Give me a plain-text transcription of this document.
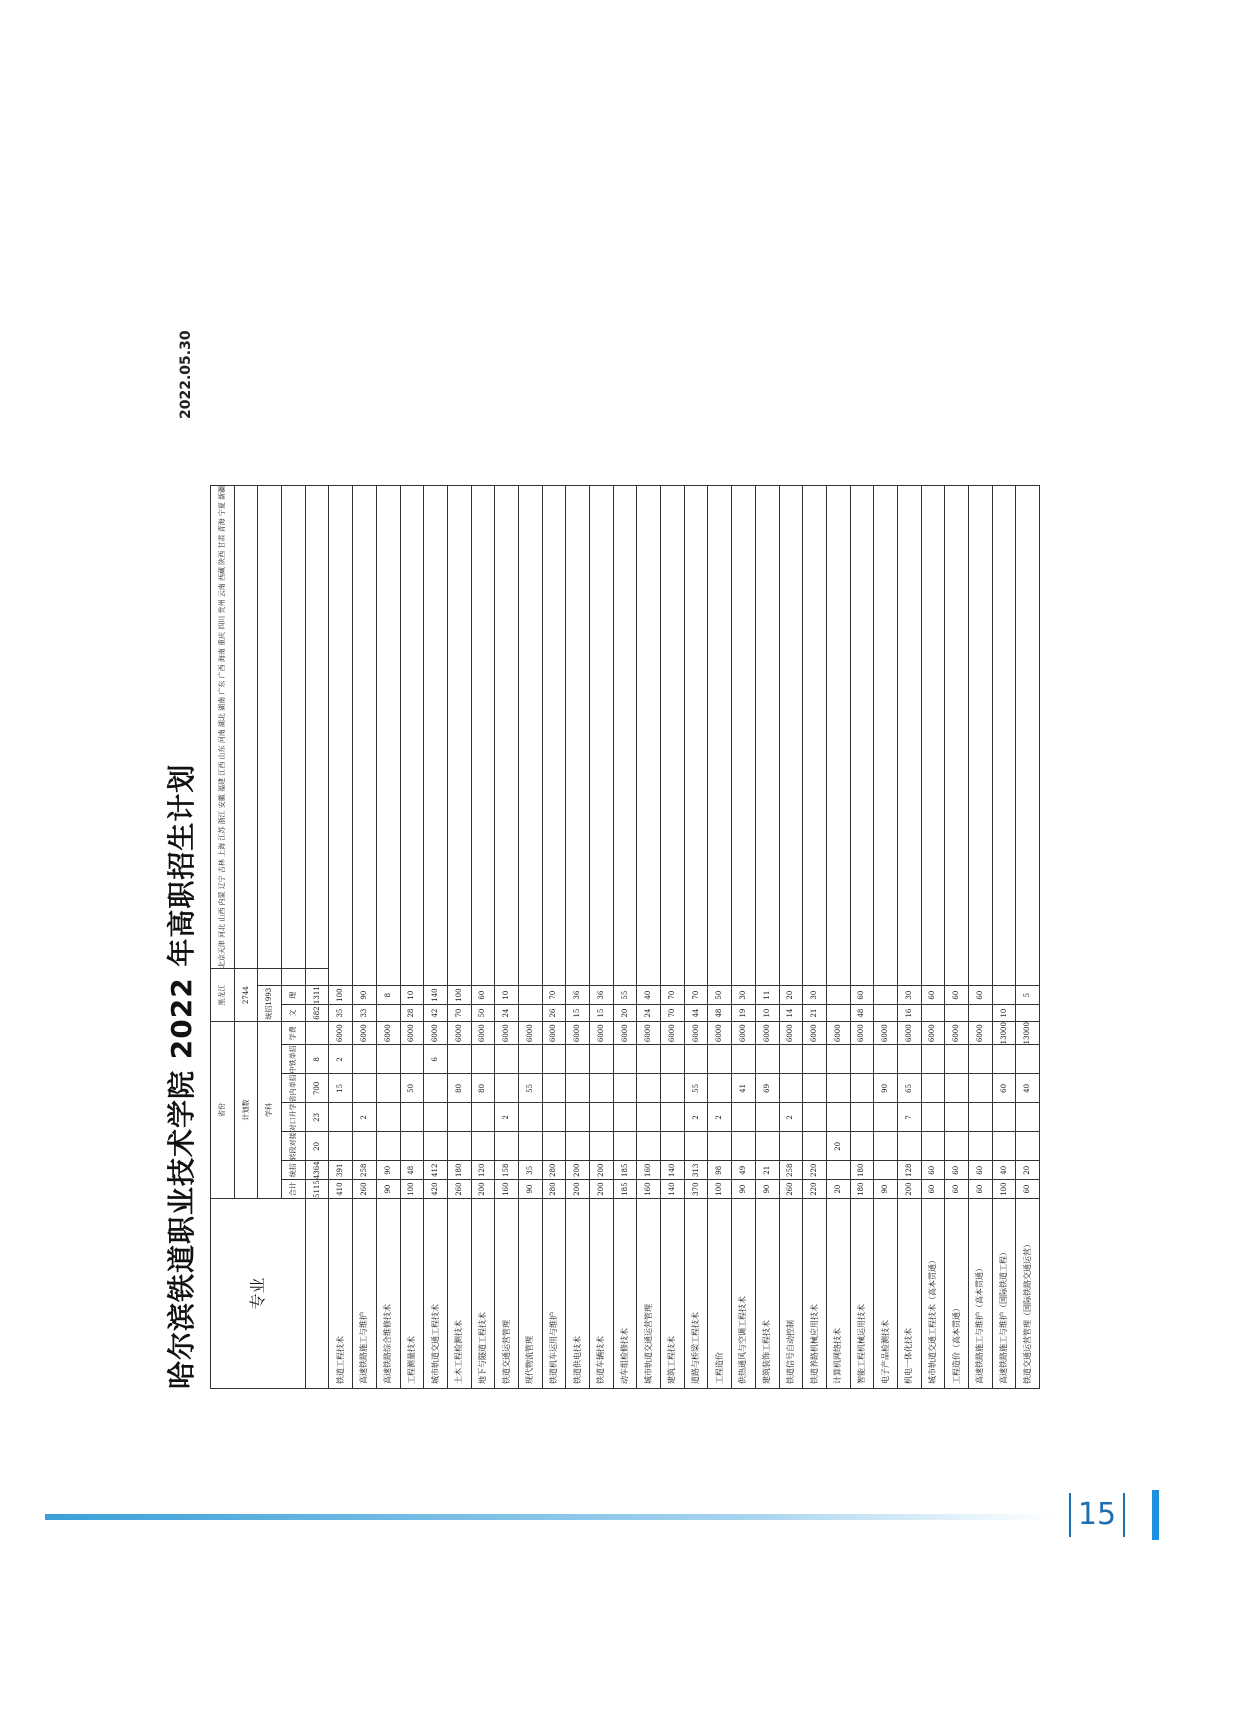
哈尔滨铁道职业技术学院 2022 年高职招生计划
2022.05.30
专业	省份							黑龙江			北京天津 河北 山西 内蒙 辽宁 吉林 上海 江苏 浙江 安徽 福建 江西 山东 河南 湖北 湖南 广东 广西 海南 重庆 四川 贵州 云南 西藏 陕西 甘肃 青海 宁夏 新疆
	计划数							2744			
	学科							统招1993			
	合计	统招	转段对接	对口升学	省内单招	中铁单招	学费	文	理		
	5115	4364	20	23	700	8		682	1311		
铁道工程技术	410	391			15	2	6000	35	100		
高速铁路施工与维护	260	258		2			6000	33	90		
高速铁路综合维修技术	90	90					6000		8		
工程测量技术	100	48			50		6000	28	10		
城市轨道交通工程技术	420	412				6	6000	42	140		
土木工程检测技术	260	180			80		6000	70	100		
地下与隧道工程技术	200	120			80		6000	50	60		
铁道交通运营管理	160	158		2			6000	24	10		
现代物流管理	90	35			55		6000				
铁道机车运用与维护	280	280					6000	26	70		
铁道供电技术	200	200					6000	15	36		
铁道车辆技术	200	200					6000	15	36		
动车组检修技术	185	185					6000	20	55		
城市轨道交通运营管理	160	160					6000	24	40		
建筑工程技术	140	140					6000	70	70		
道路与桥梁工程技术	370	313		2	55		6000	44	70		
工程造价	100	98		2			6000	48	50		
供热通风与空调工程技术	90	49			41		6000	19	30		
建筑装饰工程技术	90	21			69		6000	10	11		
铁道信号自动控制	260	258		2			6000	14	20		
铁道养路机械应用技术	220	220					6000	21	30		
计算机网络技术	20		20				6000				
智能工程机械运用技术	180	180					6000	48	60		
电子产品检测技术	90				90		6000				
机电一体化技术	200	128		7	65		6000	16	30		
城市轨道交通工程技术（高本贯通）	60	60					6000		60		
工程造价（高本贯通）	60	60					6000		60		
高速铁路施工与维护（高本贯通）	60	60					6000		60		
高速铁路施工与维护（国际铁道工程）	100	40			60		13000	10			
铁道交通运营管理（国际铁路交通运营）	60	20			40		13000		5		
15
